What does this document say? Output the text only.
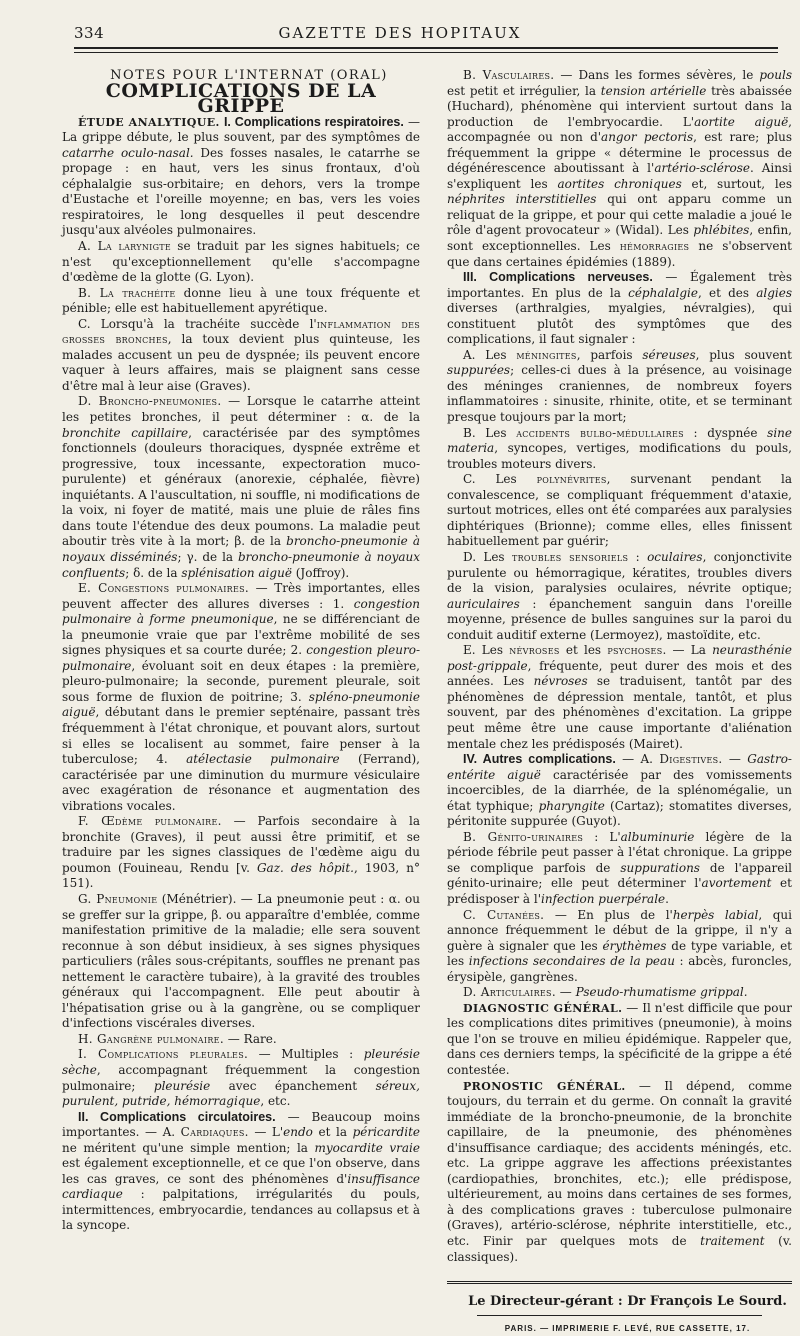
334	GAZETTE DES HOPITAUX

NOTES POUR L'INTERNAT (ORAL)

COMPLICATIONS DE LA GRIPPE

ÉTUDE ANALYTIQUE. I. Complications respiratoires. — La grippe débute, le plus souvent, par des symptômes de catarrhe oculo-nasal. Des fosses nasales, le catarrhe se propage : en haut, vers les sinus frontaux, d'où céphalalgie sus-orbitaire; en dehors, vers la trompe d'Eustache et l'oreille moyenne; en bas, vers les voies respiratoires, le long desquelles il peut descendre jusqu'aux alvéoles pulmonaires.

A. La larynigte se traduit par les signes habituels; ce n'est qu'exceptionnellement qu'elle s'accompagne d'œdème de la glotte (G. Lyon).

B. La trachéite donne lieu à une toux fréquente et pénible; elle est habituellement apyrétique.

C. Lorsqu'à la trachéite succède l'inflammation des grosses bronches, la toux devient plus quinteuse, les malades accusent un peu de dyspnée; ils peuvent encore vaquer à leurs affaires, mais se plaignent sans cesse d'être mal à leur aise (Graves).

D. Broncho-pneumonies. — Lorsque le catarrhe atteint les petites bronches, il peut déterminer : α. de la bronchite capillaire, caractérisée par des symptômes fonctionnels (douleurs thoraciques, dyspnée extrême et progressive, toux incessante, expectoration muco-purulente) et généraux (anorexie, céphalée, fièvre) inquiétants. A l'auscultation, ni souffle, ni modifications de la voix, ni foyer de matité, mais une pluie de râles fins dans toute l'étendue des deux poumons. La maladie peut aboutir très vite à la mort; β. de la broncho-pneumonie à noyaux disséminés; γ. de la broncho-pneumonie à noyaux confluents; δ. de la splénisation aiguë (Joffroy).

E. Congestions pulmonaires. — Très importantes, elles peuvent affecter des allures diverses : 1. congestion pulmonaire à forme pneumonique, ne se différenciant de la pneumonie vraie que par l'extrême mobilité de ses signes physiques et sa courte durée; 2. congestion pleuro-pulmonaire, évoluant soit en deux étapes : la première, pleuro-pulmonaire; la seconde, purement pleurale, soit sous forme de fluxion de poitrine; 3. spléno-pneumonie aiguë, débutant dans le premier septénaire, passant très fréquemment à l'état chronique, et pouvant alors, surtout si elles se localisent au sommet, faire penser à la tuberculose; 4. atélectasie pulmonaire (Ferrand), caractérisée par une diminution du murmure vésiculaire avec exagération de résonance et augmentation des vibrations vocales.

F. Œdème pulmonaire. — Parfois secondaire à la bronchite (Graves), il peut aussi être primitif, et se traduire par les signes classiques de l'œdème aigu du poumon (Fouineau, Rendu [v. Gaz. des hôpit., 1903, n° 151).

G. Pneumonie (Ménétrier). — La pneumonie peut : α. ou se greffer sur la grippe, β. ou apparaître d'emblée, comme manifestation primitive de la maladie; elle sera souvent reconnue à son début insidieux, à ses signes physiques particuliers (râles sous-crépitants, souffles ne prenant pas nettement le caractère tubaire), à la gravité des troubles généraux qui l'accompagnent. Elle peut aboutir à l'hépatisation grise ou à la gangrène, ou se compliquer d'infections viscérales diverses.

H. Gangrène pulmonaire. — Rare.

I. Complications pleurales. — Multiples : pleurésie sèche, accompagnant fréquemment la congestion pulmonaire; pleurésie avec épanchement séreux, purulent, putride, hémorragique, etc.

II. Complications circulatoires. — Beaucoup moins importantes. — A. Cardiaques. — L'endo et la péricardite ne méritent qu'une simple mention; la myocardite vraie est également exceptionnelle, et ce que l'on observe, dans les cas graves, ce sont des phénomènes d'insuffisance cardiaque : palpitations, irrégularités du pouls, intermittences, embryocardie, tendances au collapsus et à la syncope.

B. Vasculaires. — Dans les formes sévères, le pouls est petit et irrégulier, la tension artérielle très abaissée (Huchard), phénomène qui intervient surtout dans la production de l'embryocardie. L'aortite aiguë, accompagnée ou non d'angor pectoris, est rare; plus fréquemment la grippe « détermine le processus de dégénérescence aboutissant à l'artério-sclérose. Ainsi s'expliquent les aortites chroniques et, surtout, les néphrites interstitielles qui ont apparu comme un reliquat de la grippe, et pour qui cette maladie a joué le rôle d'agent provocateur » (Widal). Les phlébites, enfin, sont exceptionnelles. Les hémorragies ne s'observent que dans certaines épidémies (1889).

III. Complications nerveuses. — Également très importantes. En plus de la céphalalgie, et des algies diverses (arthralgies, myalgies, névralgies), qui constituent plutôt des symptômes que des complications, il faut signaler :

A. Les méningites, parfois séreuses, plus souvent suppurées; celles-ci dues à la présence, au voisinage des méninges craniennes, de nombreux foyers inflammatoires : sinusite, rhinite, otite, et se terminant presque toujours par la mort;

B. Les accidents bulbo-médullaires : dyspnée sine materia, syncopes, vertiges, modifications du pouls, troubles moteurs divers.

C. Les polynévrites, survenant pendant la convalescence, se compliquant fréquemment d'ataxie, surtout motrices, elles ont été comparées aux paralysies diphtériques (Brionne); comme elles, elles finissent habituellement par guérir;

D. Les troubles sensoriels : oculaires, conjonctivite purulente ou hémorragique, kératites, troubles divers de la vision, paralysies oculaires, névrite optique; auriculaires : épanchement sanguin dans l'oreille moyenne, présence de bulles sanguines sur la paroi du conduit auditif externe (Lermoyez), mastoïdite, etc.

E. Les névroses et les psychoses. — La neurasthénie post-grippale, fréquente, peut durer des mois et des années. Les névroses se traduisent, tantôt par des phénomènes de dépression mentale, tantôt, et plus souvent, par des phénomènes d'excitation. La grippe peut même être une cause importante d'aliénation mentale chez les prédisposés (Mairet).

IV. Autres complications. — A. Digestives. — Gastro-entérite aiguë caractérisée par des vomissements incoercibles, de la diarrhée, de la splénomégalie, un état typhique; pharyngite (Cartaz); stomatites diverses, péritonite suppurée (Guyot).

B. Génito-urinaires : L'albuminurie légère de la période fébrile peut passer à l'état chronique. La grippe se complique parfois de suppurations de l'appareil génito-urinaire; elle peut déterminer l'avortement et prédisposer à l'infection puerpérale.

C. Cutanées. — En plus de l'herpès labial, qui annonce fréquemment le début de la grippe, il n'y a guère à signaler que les érythèmes de type variable, et les infections secondaires de la peau : abcès, furoncles, érysipèle, gangrènes.

D. Articulaires. — Pseudo-rhumatisme grippal.

DIAGNOSTIC GÉNÉRAL. — Il n'est difficile que pour les complications dites primitives (pneumonie), à moins que l'on se trouve en milieu épidémique. Rappeler que, dans ces derniers temps, la spécificité de la grippe a été contestée.

PRONOSTIC GÉNÉRAL. — Il dépend, comme toujours, du terrain et du germe. On connaît la gravité immédiate de la broncho-pneumonie, de la bronchite capillaire, de la pneumonie, des phénomènes d'insuffisance cardiaque; des accidents méningés, etc. etc. La grippe aggrave les affections préexistantes (cardiopathies, bronchites, etc.); elle prédispose, ultérieurement, au moins dans certaines de ses formes, à des complications graves : tuberculose pulmonaire (Graves), artério-sclérose, néphrite interstitielle, etc., etc. Finir par quelques mots de traitement (v. classiques).

Le Directeur-gérant : Dr François Le Sourd.

PARIS. — IMPRIMERIE F. LEVÉ, RUE CASSETTE, 17.
